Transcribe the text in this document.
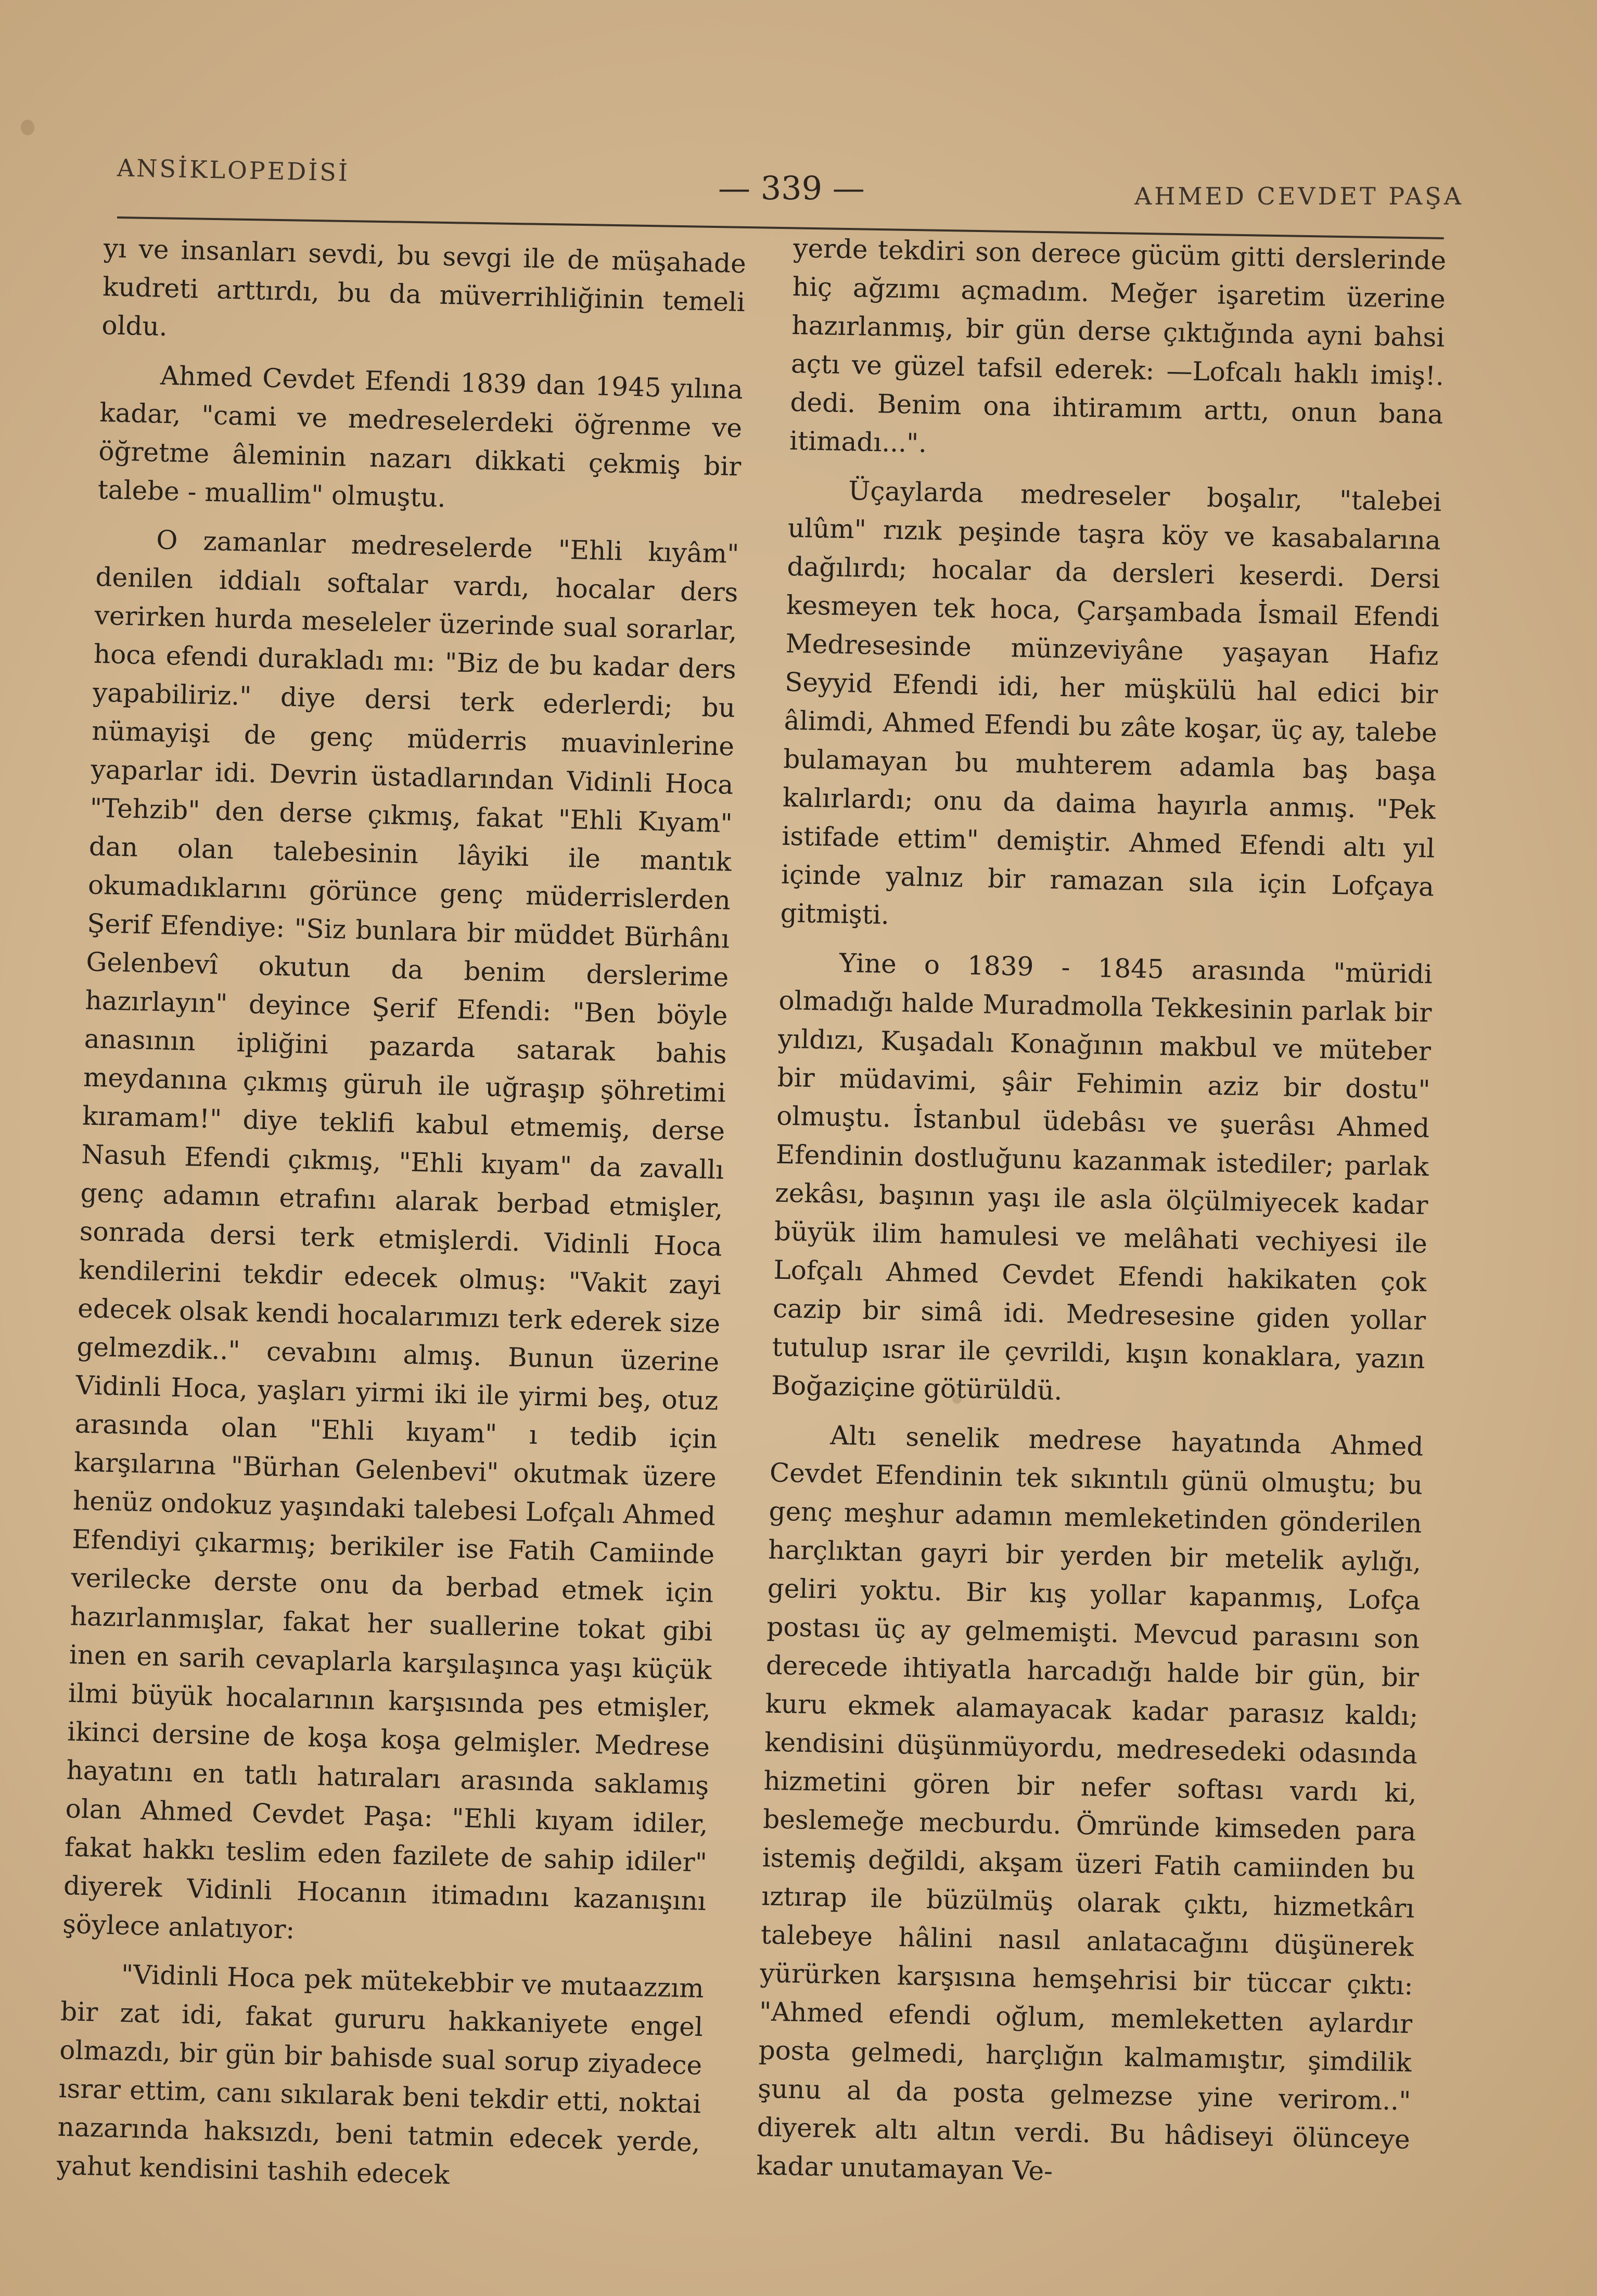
ANSİKLOPEDİSİ	— 339 —	AHMED CEVDET PAŞA

yı ve insanları sevdi, bu sevgi ile de müşahade kudreti arttırdı, bu da müverrihliğinin temeli oldu.

Ahmed Cevdet Efendi 1839 dan 1945 yılına kadar, "cami ve medreselerdeki öğrenme ve öğretme âleminin nazarı dikkati çekmiş bir talebe - muallim" olmuştu.

O zamanlar medreselerde "Ehli kıyâm" denilen iddialı softalar vardı, hocalar ders verirken hurda meseleler üzerinde sual sorarlar, hoca efendi durakladı mı: "Biz de bu kadar ders yapabiliriz." diye dersi terk ederlerdi; bu nümayişi de genç müderris muavinlerine yaparlar idi. Devrin üstadlarından Vidinli Hoca "Tehzib" den derse çıkmış, fakat "Ehli Kıyam" dan olan talebesinin lâyiki ile mantık okumadıklarını görünce genç müderrislerden Şerif Efendiye: "Siz bunlara bir müddet Bürhânı Gelenbevî okutun da benim derslerime hazırlayın" deyince Şerif Efendi: "Ben böyle anasının ipliğini pazarda satarak bahis meydanına çıkmış güruh ile uğraşıp şöhretimi kıramam!" diye teklifi kabul etmemiş, derse Nasuh Efendi çıkmış, "Ehli kıyam" da zavallı genç adamın etrafını alarak berbad etmişler, sonrada dersi terk etmişlerdi. Vidinli Hoca kendilerini tekdir edecek olmuş: "Vakit zayi edecek olsak kendi hocalarımızı terk ederek size gelmezdik.." cevabını almış. Bunun üzerine Vidinli Hoca, yaşları yirmi iki ile yirmi beş, otuz arasında olan "Ehli kıyam" ı tedib için karşılarına "Bürhan Gelenbevi" okutmak üzere henüz ondokuz yaşındaki talebesi Lofçalı Ahmed Efendiyi çıkarmış; berikiler ise Fatih Camiinde verilecke derste onu da berbad etmek için hazırlanmışlar, fakat her suallerine tokat gibi inen en sarih cevaplarla karşılaşınca yaşı küçük ilmi büyük hocalarının karşısında pes etmişler, ikinci dersine de koşa koşa gelmişler. Medrese hayatını en tatlı hatıraları arasında saklamış olan Ahmed Cevdet Paşa: "Ehli kıyam idiler, fakat hakkı teslim eden fazilete de sahip idiler" diyerek Vidinli Hocanın itimadını kazanışını şöylece anlatıyor:

"Vidinli Hoca pek mütekebbir ve mutaazzım bir zat idi, fakat gururu hakkaniyete engel olmazdı, bir gün bir bahisde sual sorup ziyadece ısrar ettim, canı sıkılarak beni tekdir etti, noktai nazarında haksızdı, beni tatmin edecek yerde, yahut kendisini tashih edecek

yerde tekdiri son derece gücüm gitti derslerinde hiç ağzımı açmadım. Meğer işaretim üzerine hazırlanmış, bir gün derse çıktığında ayni bahsi açtı ve güzel tafsil ederek: —Lofcalı haklı imiş!. dedi. Benim ona ihtiramım arttı, onun bana itimadı...".

Üçaylarda medreseler boşalır, "talebei ulûm" rızık peşinde taşra köy ve kasabalarına dağılırdı; hocalar da dersleri keserdi. Dersi kesmeyen tek hoca, Çarşambada İsmail Efendi Medresesinde münzeviyâne yaşayan Hafız Seyyid Efendi idi, her müşkülü hal edici bir âlimdi, Ahmed Efendi bu zâte koşar, üç ay, talebe bulamayan bu muhterem adamla baş başa kalırlardı; onu da daima hayırla anmış. "Pek istifade ettim" demiştir. Ahmed Efendi altı yıl içinde yalnız bir ramazan sıla için Lofçaya gitmişti.

Yine o 1839 - 1845 arasında "müridi olmadığı halde Muradmolla Tekkesinin parlak bir yıldızı, Kuşadalı Konağının makbul ve müteber bir müdavimi, şâir Fehimin aziz bir dostu" olmuştu. İstanbul üdebâsı ve şuerâsı Ahmed Efendinin dostluğunu kazanmak istediler; parlak zekâsı, başının yaşı ile asla ölçülmiyecek kadar büyük ilim hamulesi ve melâhati vechiyesi ile Lofçalı Ahmed Cevdet Efendi hakikaten çok cazip bir simâ idi. Medresesine giden yollar tutulup ısrar ile çevrildi, kışın konaklara, yazın Boğaziçine götürüldü.

Altı senelik medrese hayatında Ahmed Cevdet Efendinin tek sıkıntılı günü olmuştu; bu genç meşhur adamın memleketinden gönderilen harçlıktan gayri bir yerden bir metelik aylığı, geliri yoktu. Bir kış yollar kapanmış, Lofça postası üç ay gelmemişti. Mevcud parasını son derecede ihtiyatla harcadığı halde bir gün, bir kuru ekmek alamayacak kadar parasız kaldı; kendisini düşünmüyordu, medresedeki odasında hizmetini gören bir nefer softası vardı ki, beslemeğe mecburdu. Ömründe kimseden para istemiş değildi, akşam üzeri Fatih camiinden bu ıztırap ile büzülmüş olarak çıktı, hizmetkârı talebeye hâlini nasıl anlatacağını düşünerek yürürken karşısına hemşehrisi bir tüccar çıktı: "Ahmed efendi oğlum, memleketten aylardır posta gelmedi, harçlığın kalmamıştır, şimdilik şunu al da posta gelmezse yine verirom.." diyerek altı altın verdi. Bu hâdiseyi ölünceye kadar unutamayan Ve-
